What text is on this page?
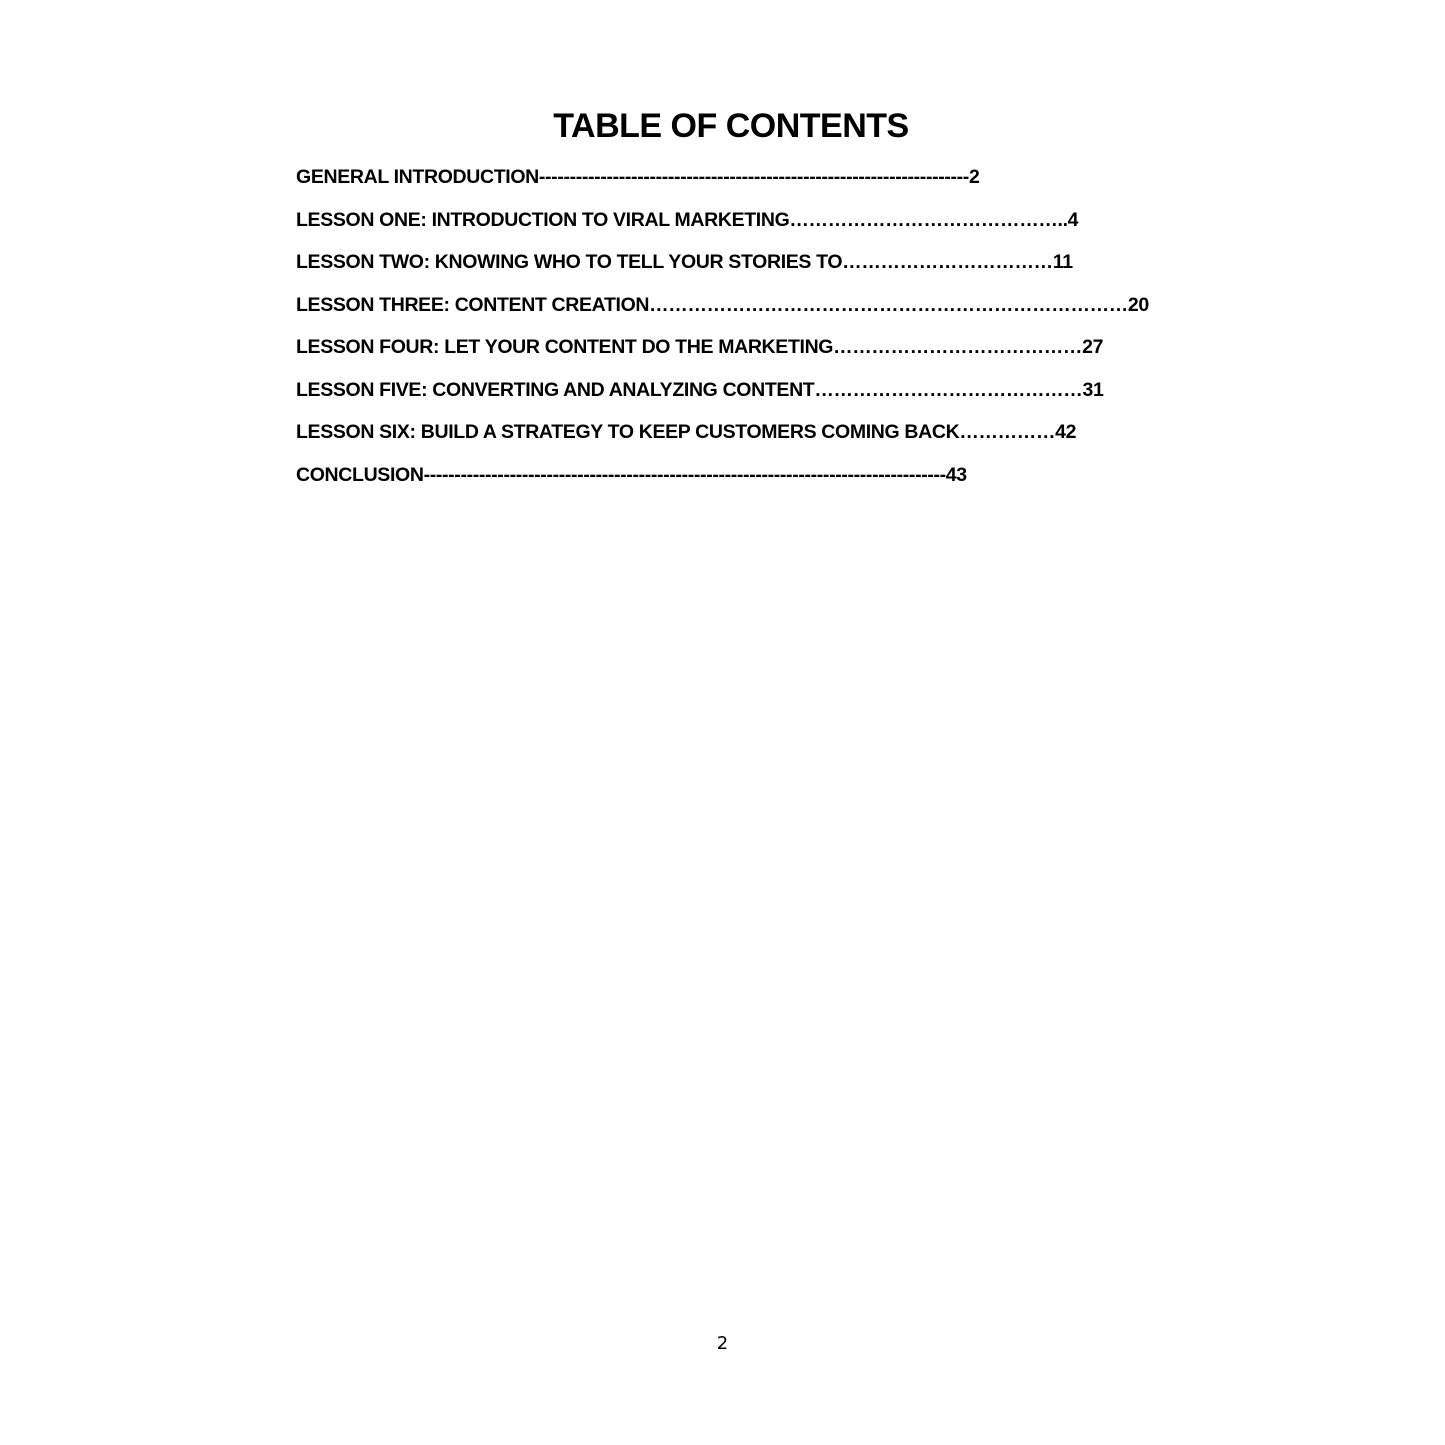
TABLE OF CONTENTS
GENERAL INTRODUCTION----------------------------------------------------------------------2
LESSON ONE: INTRODUCTION TO VIRAL MARKETING……………………………………..4
LESSON TWO: KNOWING WHO TO TELL YOUR STORIES TO……………………………11
LESSON THREE: CONTENT CREATION…………………………………………………………………20
LESSON FOUR: LET YOUR CONTENT DO THE MARKETING…………………………………27
LESSON FIVE: CONVERTING AND ANALYZING CONTENT……………………………………31
LESSON SIX: BUILD A STRATEGY TO KEEP CUSTOMERS COMING BACK……………42
CONCLUSION-------------------------------------------------------------------------------------43
2
